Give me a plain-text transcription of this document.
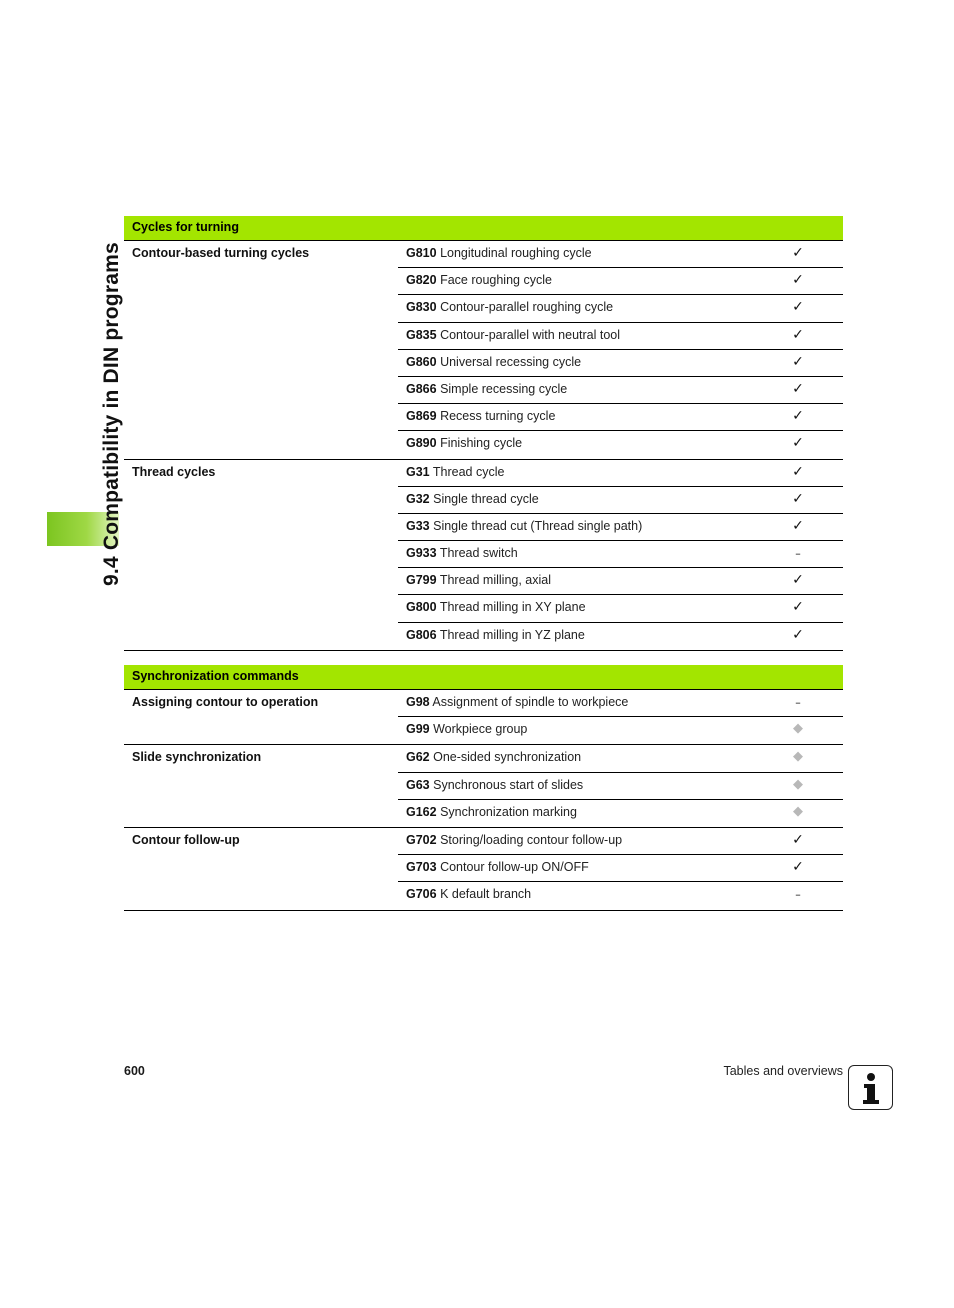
9.4 Compatibility in DIN programs
Cycles for turning
Contour-based turning cycles	G810 Longitudinal roughing cycle	✓
G820 Face roughing cycle	✓
G830 Contour-parallel roughing cycle	✓
G835 Contour-parallel with neutral tool	✓
G860 Universal recessing cycle	✓
G866 Simple recessing cycle	✓
G869 Recess turning cycle	✓
G890 Finishing cycle	✓
Thread cycles	G31 Thread cycle	✓
G32 Single thread cycle	✓
G33 Single thread cut (Thread single path)	✓
G933 Thread switch	–
G799 Thread milling, axial	✓
G800 Thread milling in XY plane	✓
G806 Thread milling in YZ plane	✓
Synchronization commands
Assigning contour to operation	G98 Assignment of spindle to workpiece	–
G99 Workpiece group	◆
Slide synchronization	G62 One-sided synchronization	◆
G63 Synchronous start of slides	◆
G162 Synchronization marking	◆
Contour follow-up	G702 Storing/loading contour follow-up	✓
G703 Contour follow-up ON/OFF	✓
G706 K default branch	–
600	Tables and overviews
